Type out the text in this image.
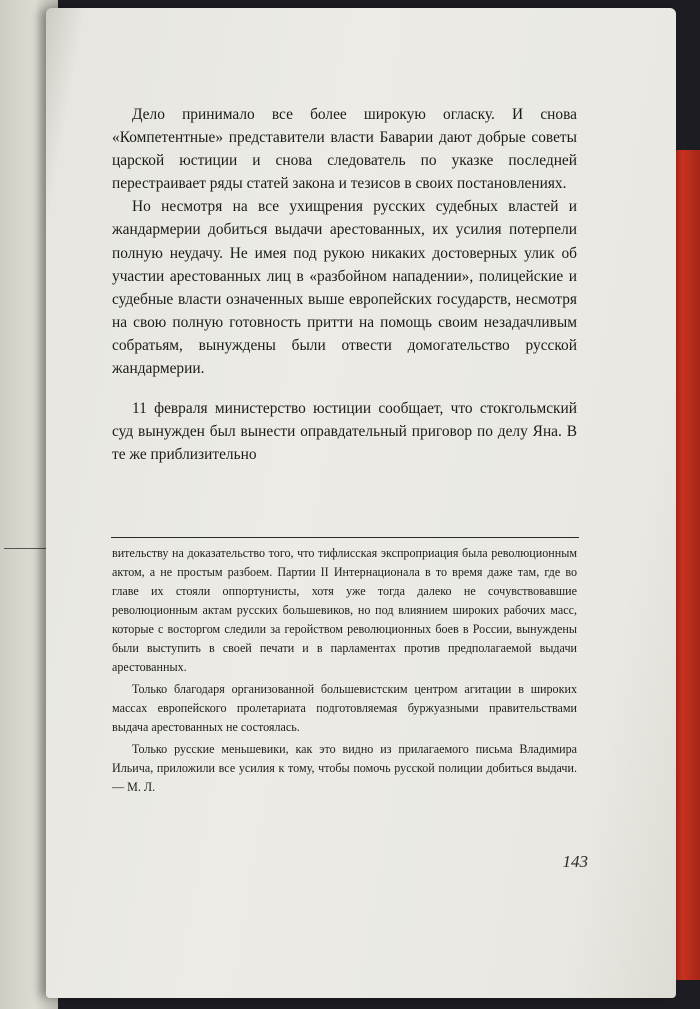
Дело принимало все более широкую огласку. И снова «Компетентные» представители власти Баварии дают добрые советы царской юстиции и снова следователь по указке последней перестраивает ряды статей закона и тезисов в своих постановлениях.

Но несмотря на все ухищрения русских судебных властей и жандармерии добиться выдачи арестованных, их усилия потерпели полную неудачу. Не имея под рукою никаких достоверных улик об участии арестованных лиц в «разбойном нападении», полицейские и судебные власти означенных выше европейских государств, несмотря на свою полную готовность притти на помощь своим незадачливым собратьям, вынуждены были отвести домогательство русской жандармерии.

11 февраля министерство юстиции сообщает, что стокгольмский суд вынужден был вынести оправдательный приговор по делу Яна. В те же приблизительно

вительству на доказательство того, что тифлисская экспроприация была революционным актом, а не простым разбоем. Партии II Интернационала в то время даже там, где во главе их стояли оппортунисты, хотя уже тогда далеко не сочувствовавшие революционным актам русских большевиков, но под влиянием широких рабочих масс, которые с восторгом следили за геройством революционных боев в России, вынуждены были выступить в своей печати и в парламентах против предполагаемой выдачи арестованных.

Только благодаря организованной большевистским центром агитации в широких массах европейского пролетариата подготовляемая буржуазными правительствами выдача арестованных не состоялась.

Только русские меньшевики, как это видно из прилагаемого письма Владимира Ильича, приложили все усилия к тому, чтобы помочь русской полиции добиться выдачи. — М. Л.

143
